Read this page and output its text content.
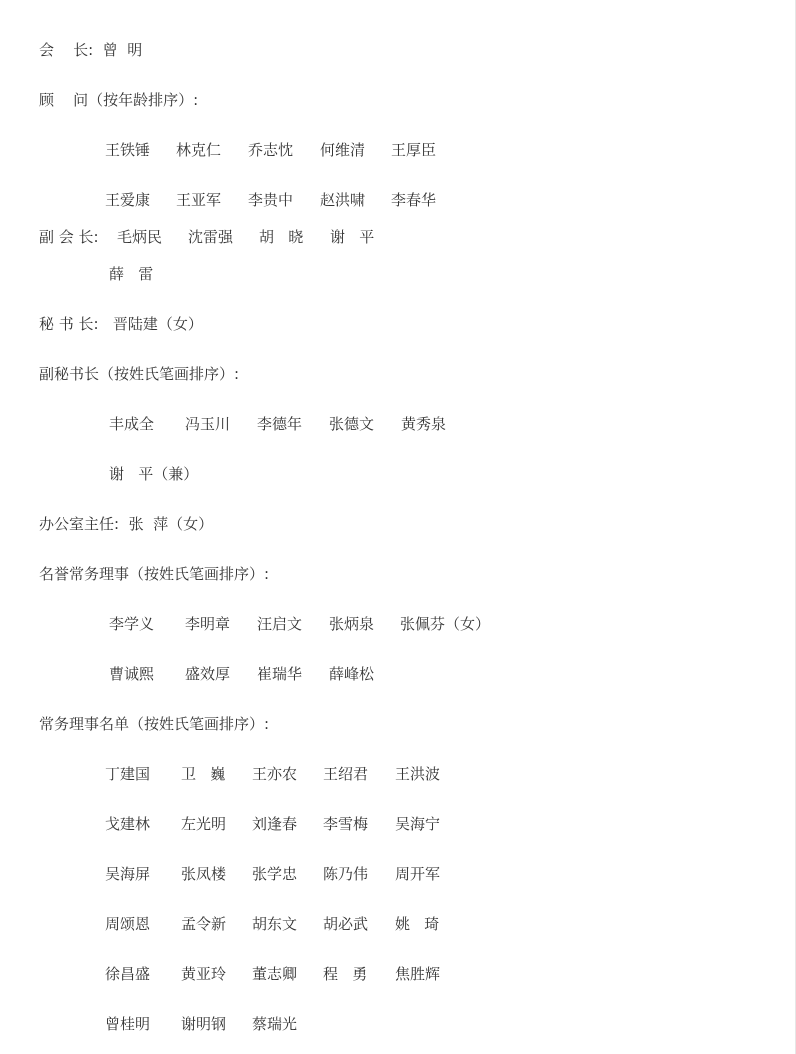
会    长:  曾  明
顾    问（按年龄排序）:
王铁锤 林克仁 乔志忱 何维清 王厚臣
王爱康 王亚军 李贵中 赵洪啸 李春华
副 会 长: 毛炳民 沈雷强 胡   晓 谢   平
薛   雷
秘 书 长:   晋陆建（女）
副秘书长（按姓氏笔画排序）:
丰成全 冯玉川 李德年 张德文 黄秀泉
谢   平（兼）
办公室主任:  张  萍（女）
名誉常务理事（按姓氏笔画排序）:
李学义 李明章 汪启文 张炳泉 张佩芬（女）
曹诚熙 盛效厚 崔瑞华 薛峰松
常务理事名单（按姓氏笔画排序）:
丁建国 卫   巍 王亦农 王绍君 王洪波
戈建林 左光明 刘逢春 李雪梅 吴海宁
吴海屏 张凤楼 张学忠 陈乃伟 周开军
周颂恩 孟令新 胡东文 胡必武 姚   琦
徐昌盛 黄亚玲 董志卿 程   勇 焦胜辉
曾桂明 谢明钢 蔡瑞光
